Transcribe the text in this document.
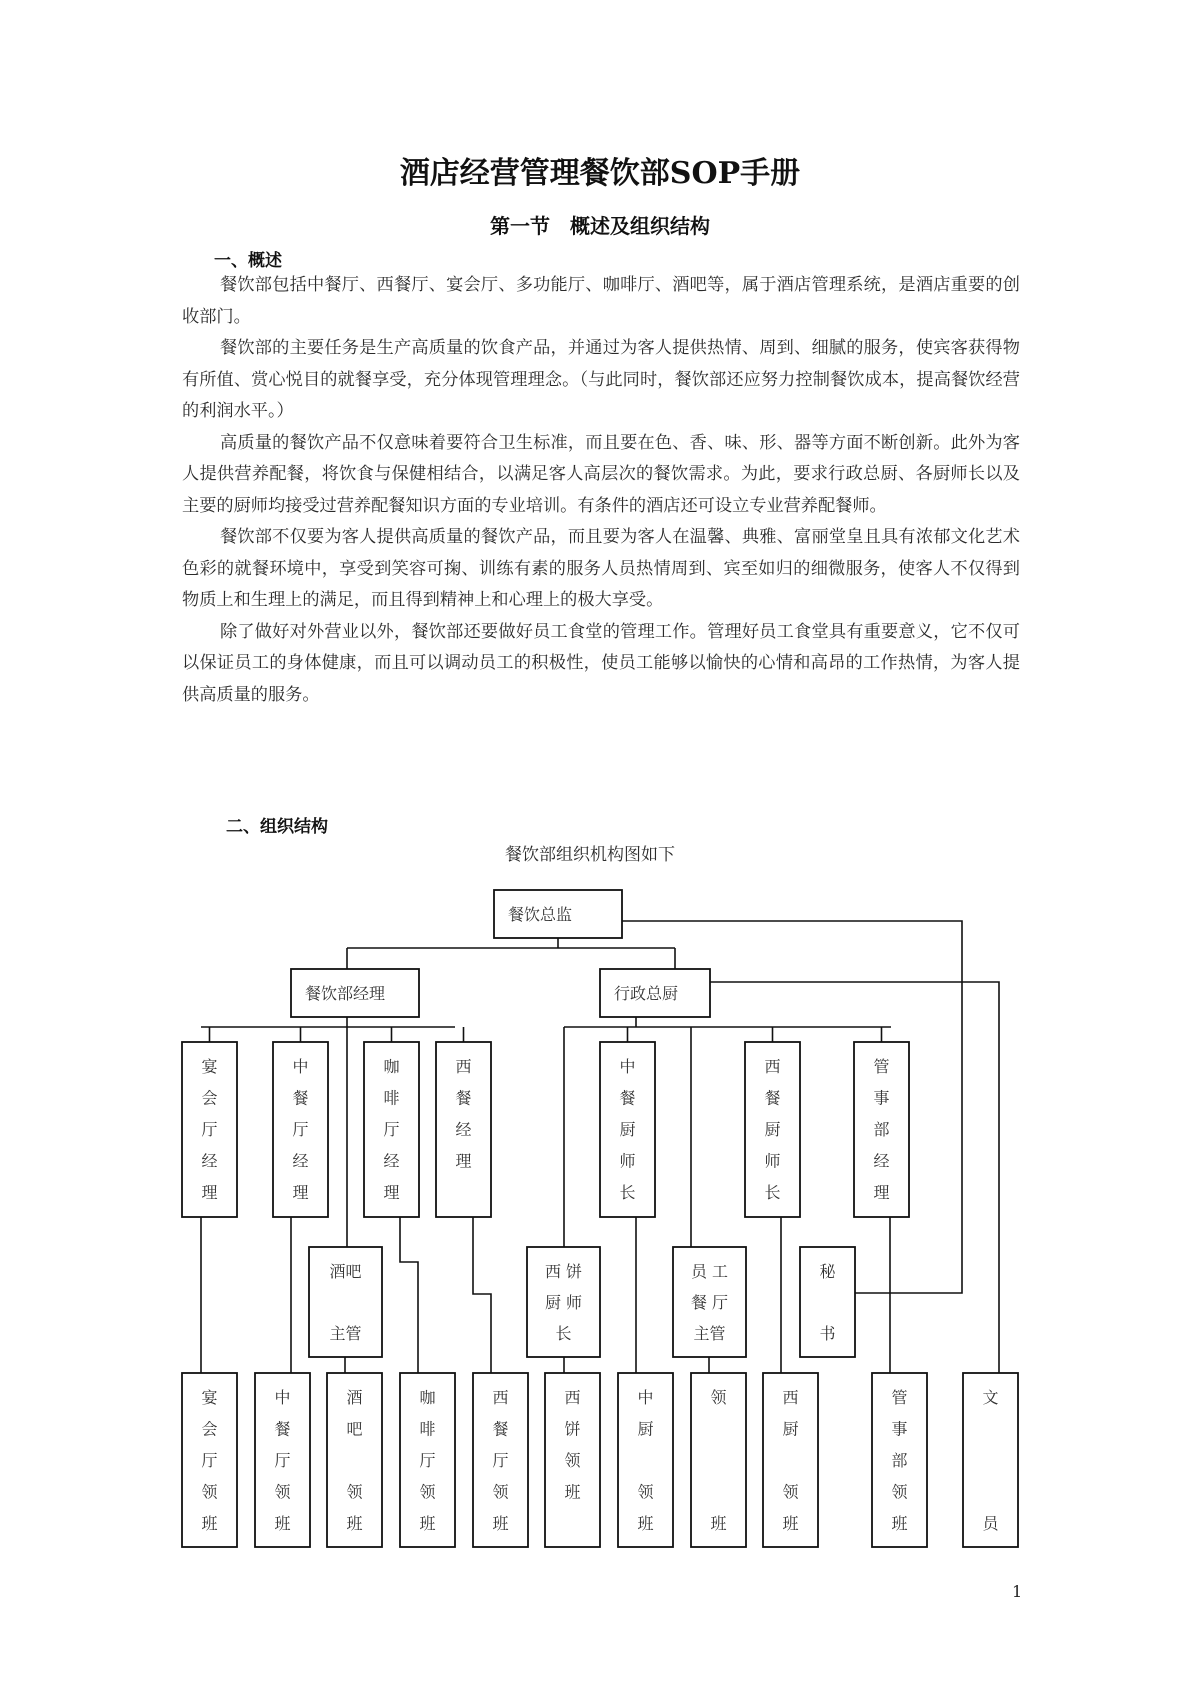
酒店经营管理餐饮部SOP手册
第一节　概述及组织结构
一、概述

餐饮部包括中餐厅、西餐厅、宴会厅、多功能厅、咖啡厅、酒吧等，属于酒店管理系统，是酒店重要的创收部门。

餐饮部的主要任务是生产高质量的饮食产品，并通过为客人提供热情、周到、细腻的服务，使宾客获得物有所值、赏心悦目的就餐享受，充分体现管理理念。（与此同时，餐饮部还应努力控制餐饮成本，提高餐饮经营的利润水平。）

高质量的餐饮产品不仅意味着要符合卫生标准，而且要在色、香、味、形、器等方面不断创新。此外为客人提供营养配餐，将饮食与保健相结合，以满足客人高层次的餐饮需求。为此，要求行政总厨、各厨师长以及主要的厨师均接受过营养配餐知识方面的专业培训。有条件的酒店还可设立专业营养配餐师。

餐饮部不仅要为客人提供高质量的餐饮产品，而且要为客人在温馨、典雅、富丽堂皇且具有浓郁文化艺术色彩的就餐环境中，享受到笑容可掬、训练有素的服务人员热情周到、宾至如归的细微服务，使客人不仅得到物质上和生理上的满足，而且得到精神上和心理上的极大享受。

除了做好对外营业以外，餐饮部还要做好员工食堂的管理工作。管理好员工食堂具有重要意义，它不仅可以保证员工的身体健康，而且可以调动员工的积极性，使员工能够以愉快的心情和高昂的工作热情，为客人提供高质量的服务。

二、组织结构
餐饮部组织机构图如下
餐饮总监
餐饮部经理	行政总厨
宴
会
厅
经
理
中
餐
厅
经
理
咖
啡
厅
经
理
西
餐
经
理
中
餐
厨
师
长
西
餐
厨
师
长
管
事
部
经
理
酒吧
主管
西 饼
厨 师
长
员 工
餐 厅
主管
秘
书
宴
会
厅
领
班
中
餐
厅
领
班
酒
吧
领
班
咖
啡
厅
领
班
西
餐
厅
领
班
西
饼
领
班
中
厨
领
班
领
班
西
厨
领
班
管
事
部
领
班
文
员
1
